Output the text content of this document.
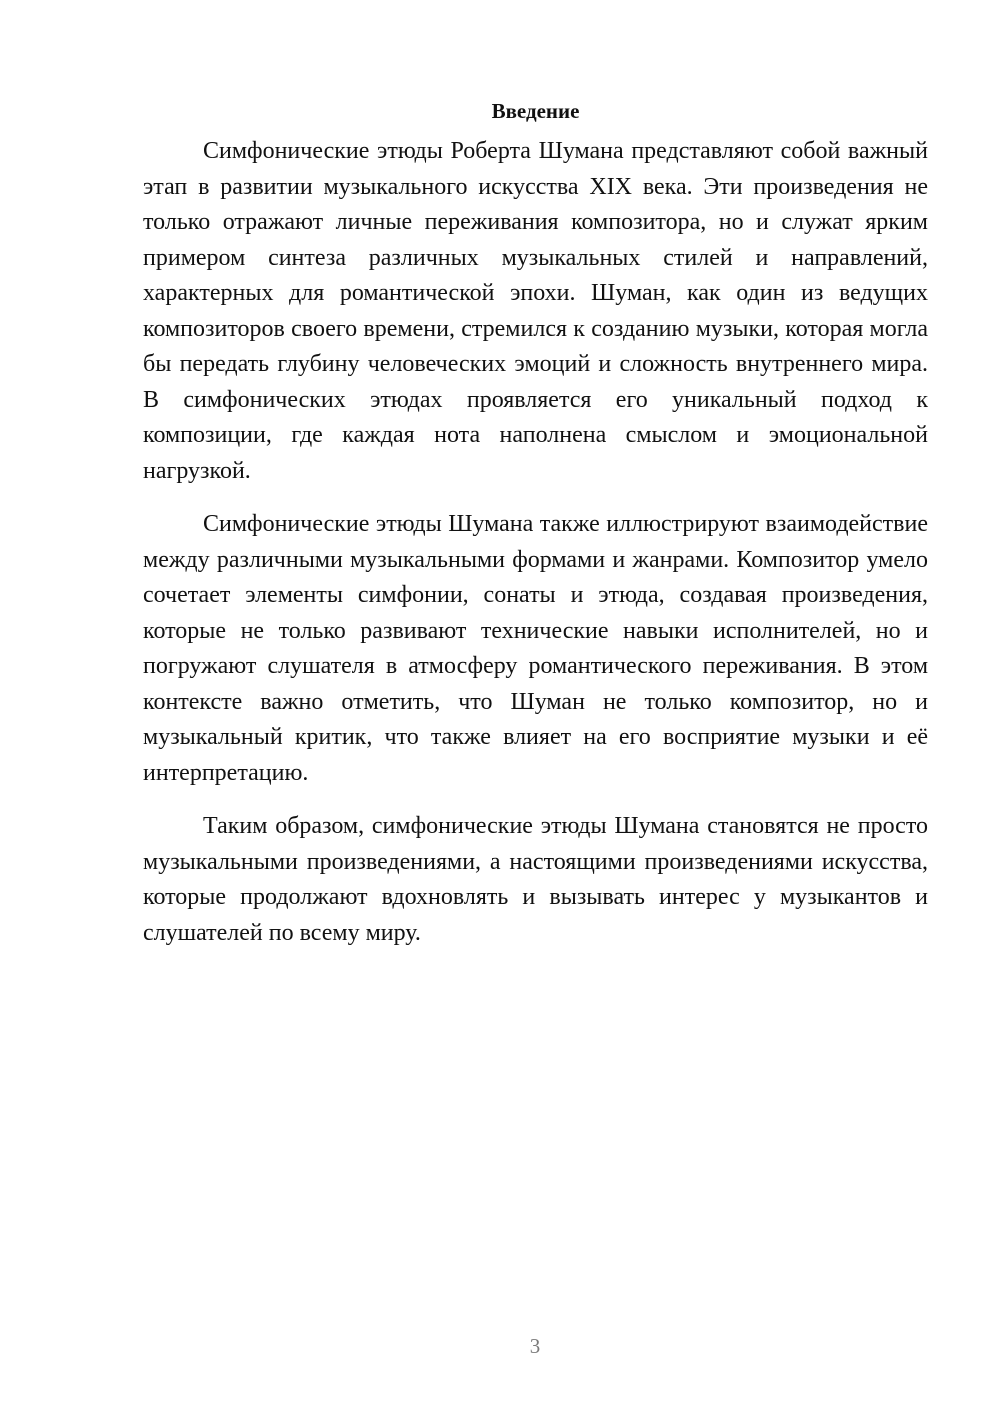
Введение

Симфонические этюды Роберта Шумана представляют собой важный этап в развитии музыкального искусства XIX века. Эти произведения не только отражают личные переживания композитора, но и служат ярким примером синтеза различных музыкальных стилей и направлений, характерных для романтической эпохи. Шуман, как один из ведущих композиторов своего времени, стремился к созданию музыки, которая могла бы передать глубину человеческих эмоций и сложность внутреннего мира. В симфонических этюдах проявляется его уникальный подход к композиции, где каждая нота наполнена смыслом и эмоциональной нагрузкой.

Симфонические этюды Шумана также иллюстрируют взаимодействие между различными музыкальными формами и жанрами. Композитор умело сочетает элементы симфонии, сонаты и этюда, создавая произведения, которые не только развивают технические навыки исполнителей, но и погружают слушателя в атмосферу романтического переживания. В этом контексте важно отметить, что Шуман не только композитор, но и музыкальный критик, что также влияет на его восприятие музыки и её интерпретацию.

Таким образом, симфонические этюды Шумана становятся не просто музыкальными произведениями, а настоящими произведениями искусства, которые продолжают вдохновлять и вызывать интерес у музыкантов и слушателей по всему миру.

3
